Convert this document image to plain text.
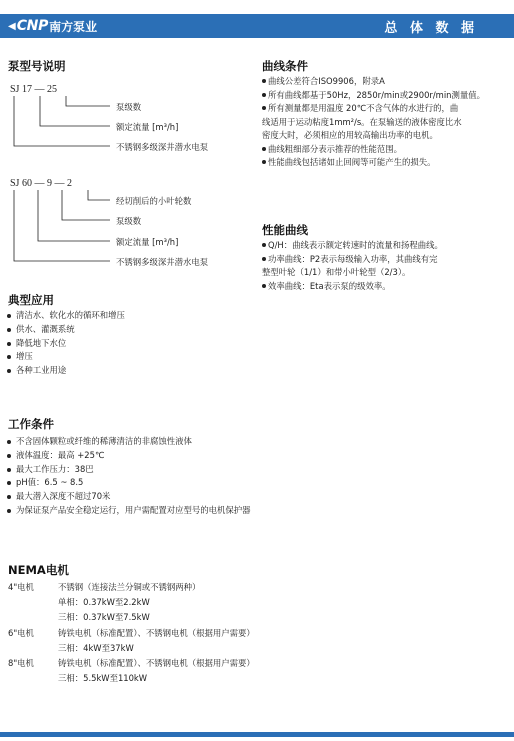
◀ CNP 南方泵业	总 体 数 据
泵型号说明
SJ 17 — 25
泵级数
额定流量 [m³/h]
不锈钢多级深井潜水电泵
SJ 60 — 9 — 2
经切削后的小叶轮数
泵级数
额定流量 [m³/h]
不锈钢多级深井潜水电泵
典型应用
清洁水、软化水的循环和增压
供水、灌溉系统
降低地下水位
增压
各种工业用途
工作条件
不含固体颗粒或纤维的稀薄清洁的非腐蚀性液体
液体温度：最高 +25℃
最大工作压力：38巴
pH值：6.5 ~ 8.5
最大潜入深度不超过70米
为保证泵产品安全稳定运行，用户需配置对应型号的电机保护器
NEMA电机
4"电机	不锈钢（连接法兰分铜或不锈钢两种）
单相：0.37kW至2.2kW
三相：0.37kW至7.5kW
6"电机	铸铁电机（标准配置）、不锈钢电机（根据用户需要）
三相：4kW至37kW
8"电机	铸铁电机（标准配置）、不锈钢电机（根据用户需要）
三相：5.5kW至110kW
曲线条件
曲线公差符合ISO9906，附录A
所有曲线都基于50Hz，2850r/min或2900r/min测量值。
所有测量都是用温度 20℃不含气体的水进行的，曲
线适用于运动粘度1mm²/s。在泵输送的液体密度比水
密度大时，必须相应的用较高输出功率的电机。
曲线粗细部分表示推荐的性能范围。
性能曲线包括诸如止回阀等可能产生的损失。
性能曲线
Q/H：曲线表示额定转速时的流量和扬程曲线。
功率曲线：P2表示每级输入功率，其曲线有完
整型叶轮（1/1）和带小叶轮型（2/3）。
效率曲线：Eta表示泵的级效率。
